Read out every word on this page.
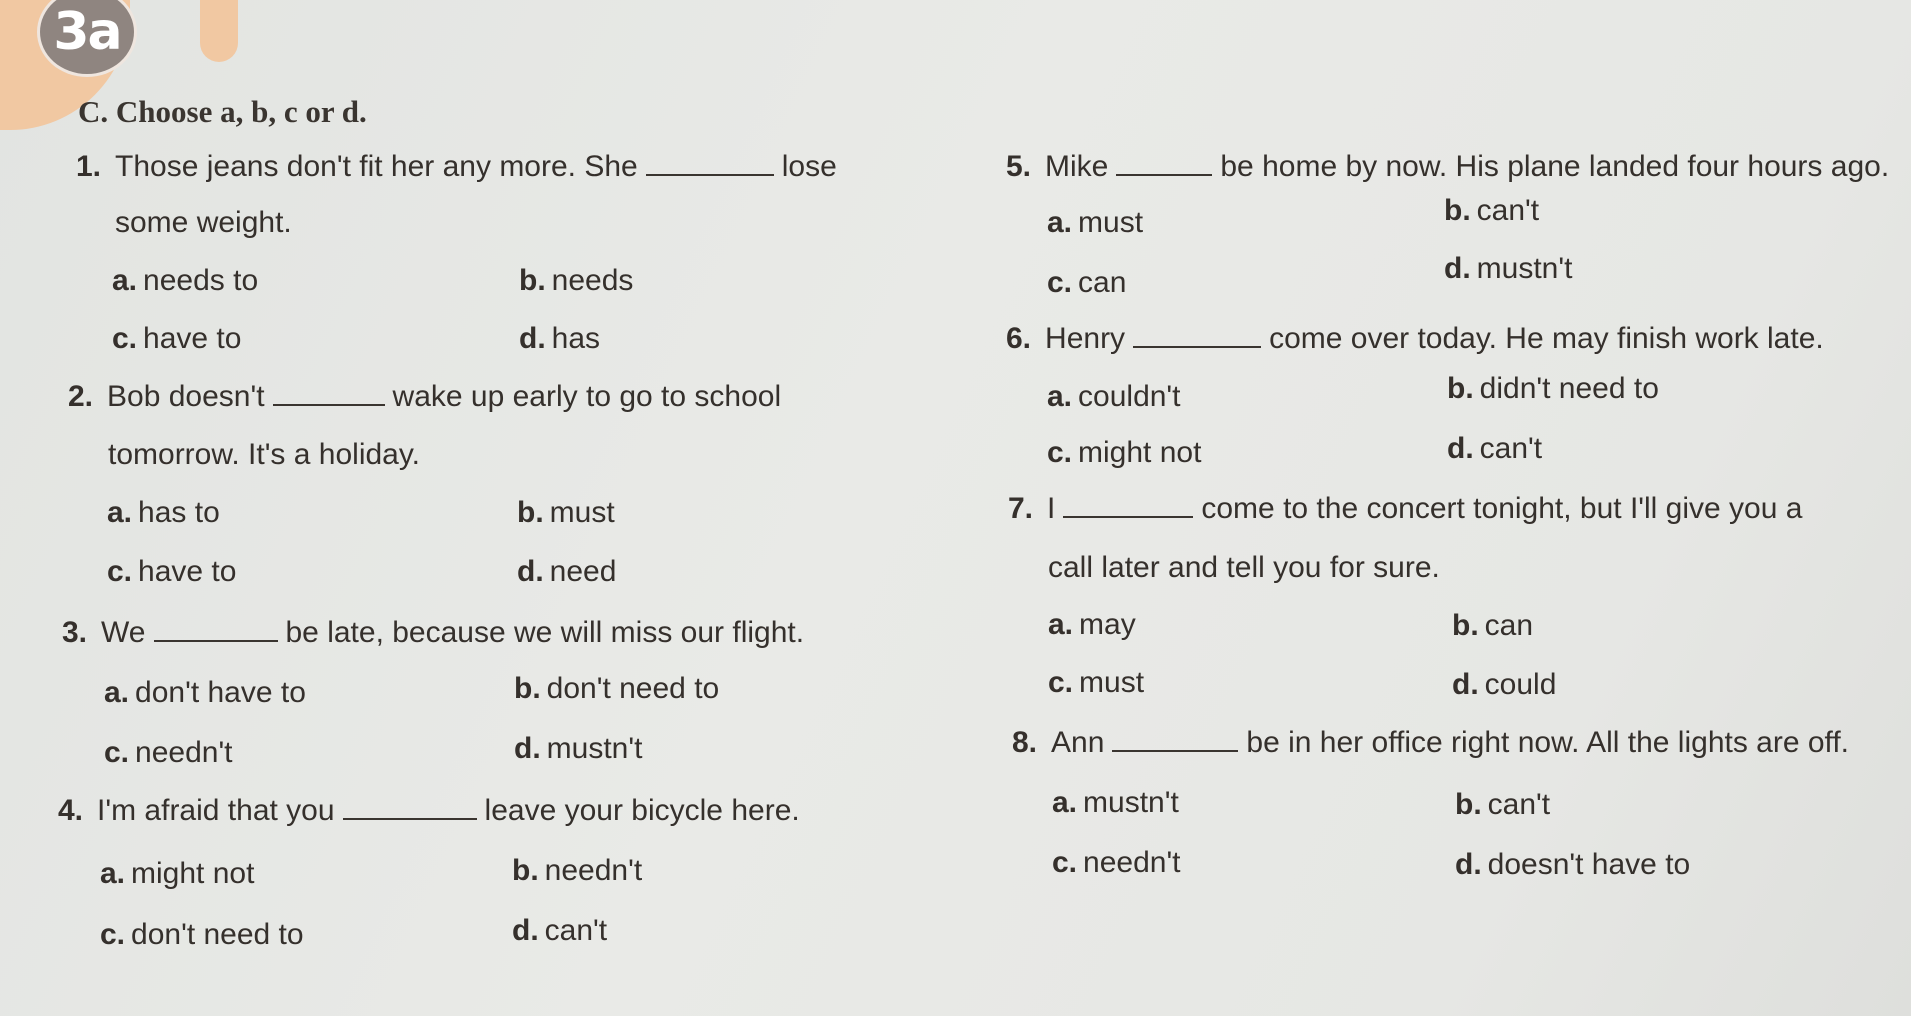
3a
C. Choose a, b, c or d.
1. Those jeans don't fit her any more. She	lose
some weight.
a. needs to	b. needs
c. have to	d. has
2. Bob doesn't	wake up early to go to school
tomorrow. It's a holiday.
a. has to	b. must
c. have to	d. need
3. We	be late, because we will miss our flight.
a. don't have to	b. don't need to
c. needn't	d. mustn't
4. I'm afraid that you	leave your bicycle here.
a. might not	b. needn't
c. don't need to	d. can't
5. Mike	be home by now. His plane landed four hours ago.
a. must	b. can't
c. can	d. mustn't
6. Henry	come over today. He may finish work late.
a. couldn't	b. didn't need to
c. might not	d. can't
7. I	come to the concert tonight, but I'll give you a
call later and tell you for sure.
a. may	b. can
c. must	d. could
8. Ann	be in her office right now. All the lights are off.
a. mustn't	b. can't
c. needn't	d. doesn't have to
